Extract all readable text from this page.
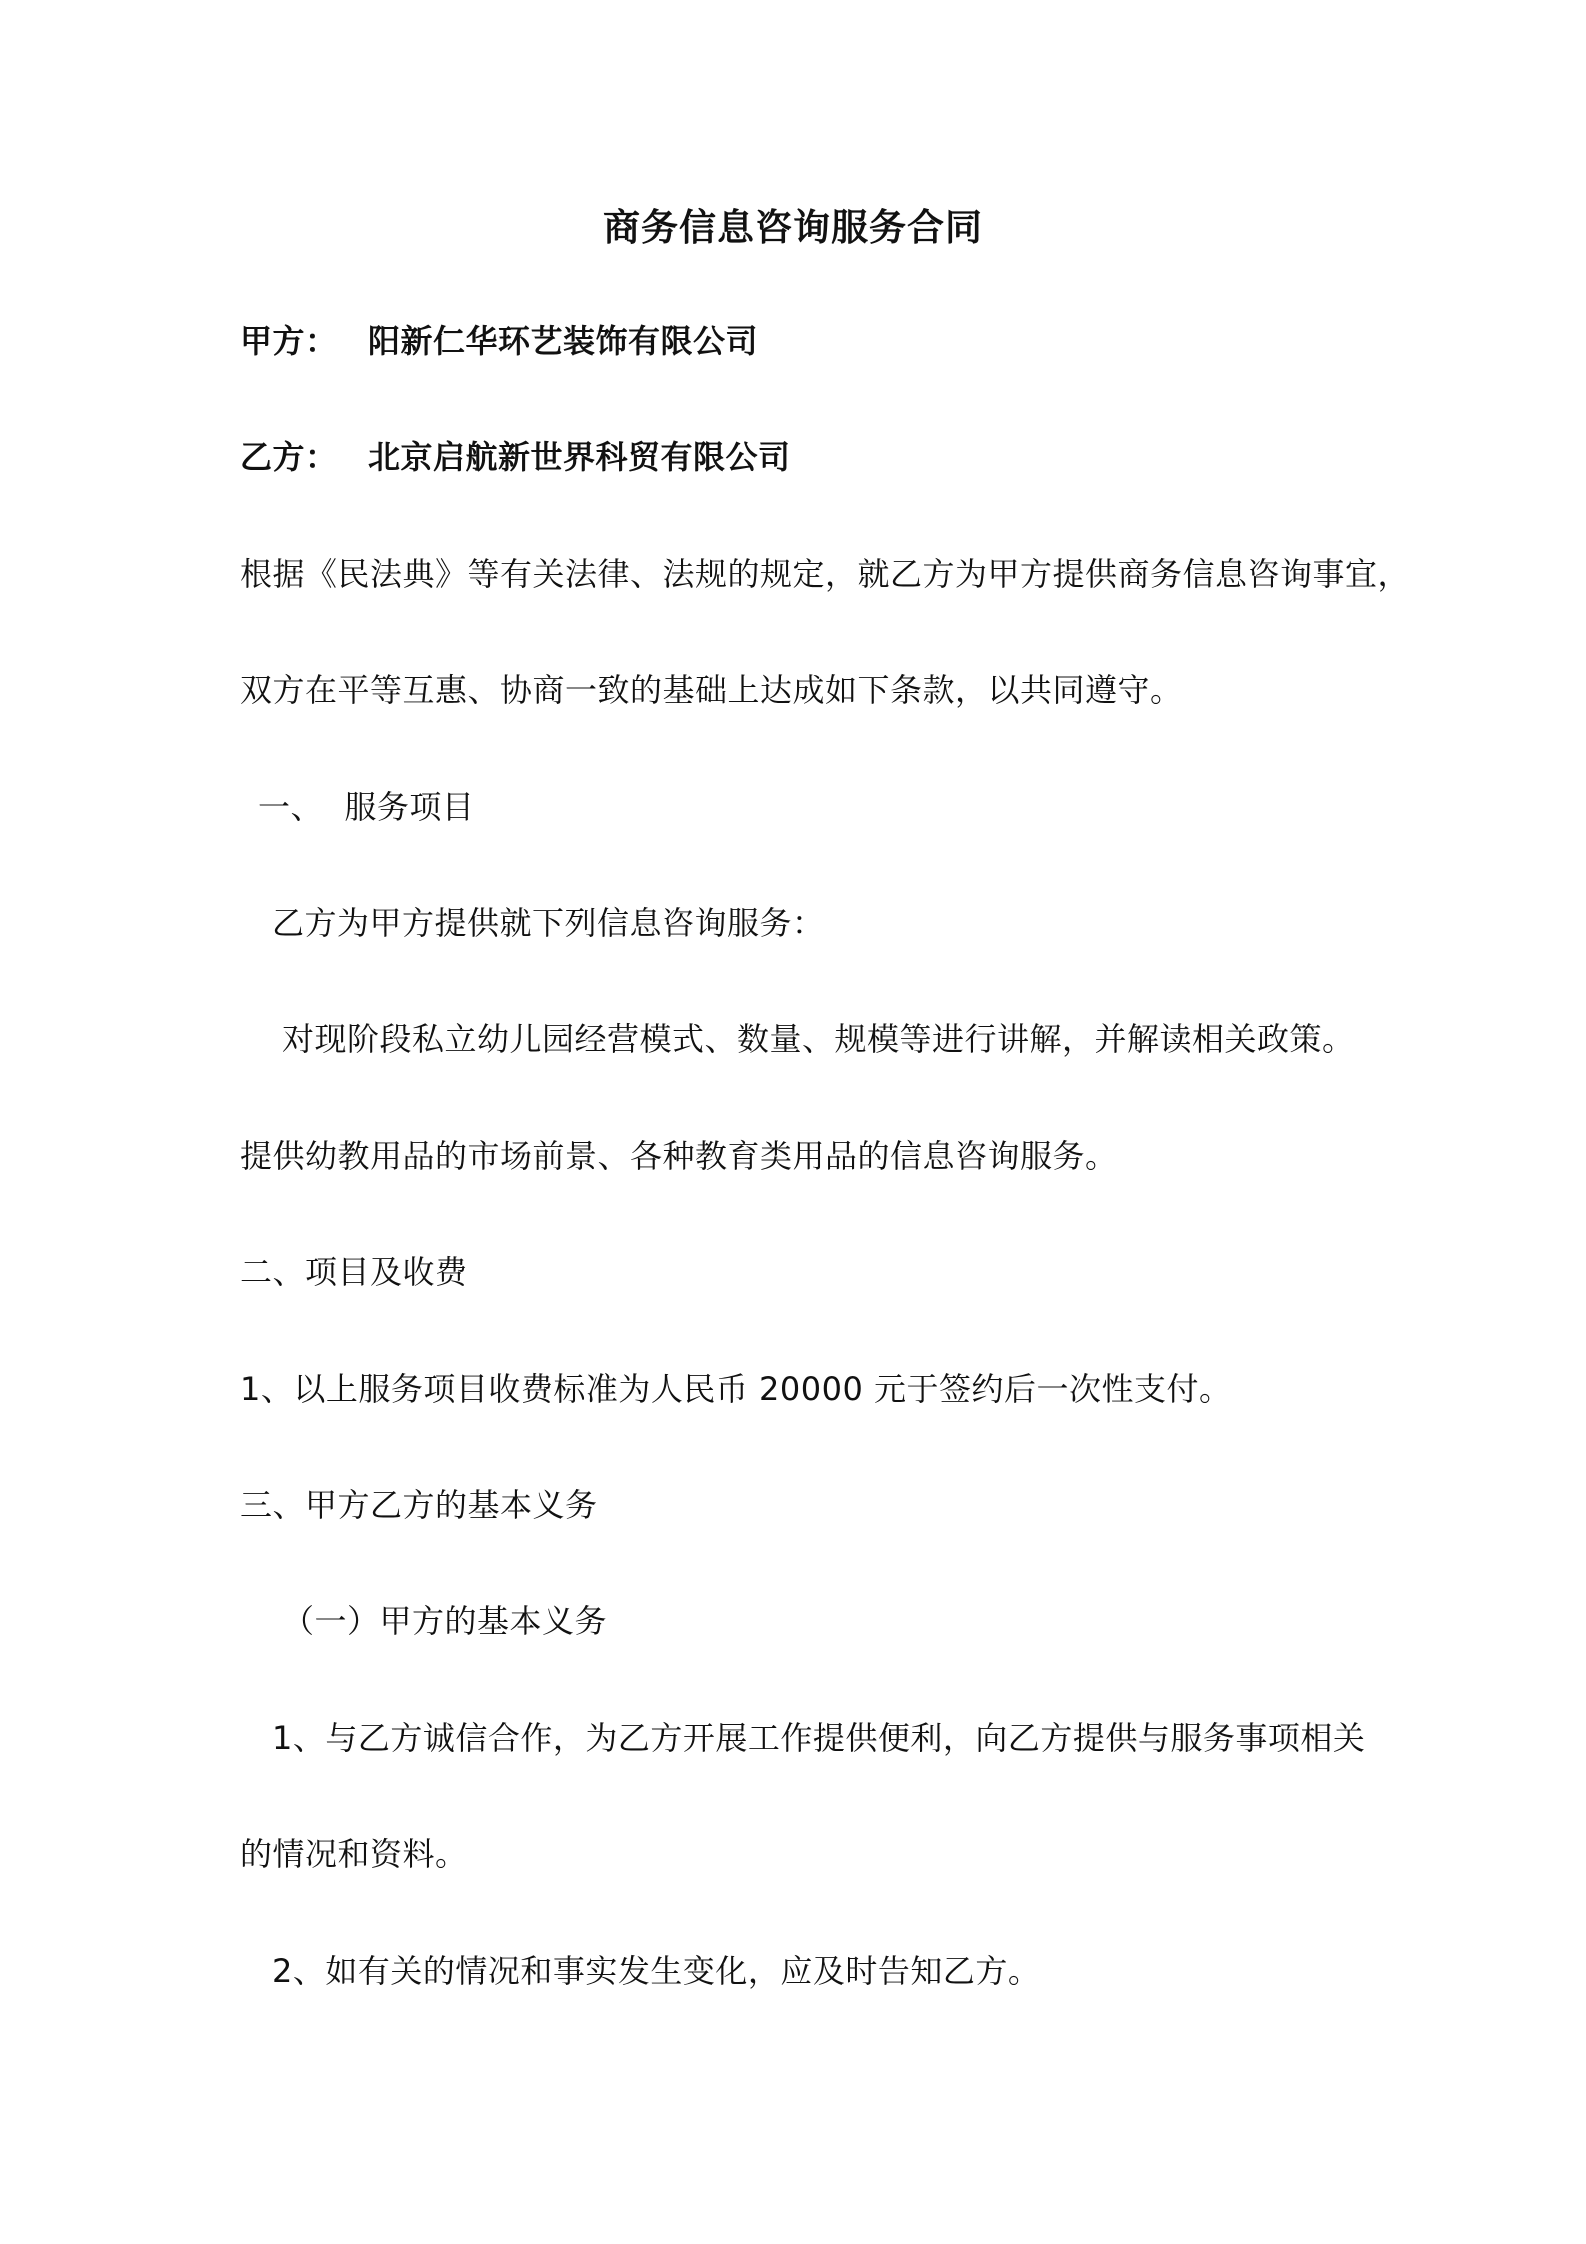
商务信息咨询服务合同
甲方： 阳新仁华环艺装饰有限公司
乙方： 北京启航新世界科贸有限公司
根据《民法典》等有关法律、法规的规定，就乙方为甲方提供商务信息咨询事宜，
双方在平等互惠、协商一致的基础上达成如下条款，以共同遵守。
一、  服务项目
乙方为甲方提供就下列信息咨询服务：
对现阶段私立幼儿园经营模式、数量、规模等进行讲解，并解读相关政策。
提供幼教用品的市场前景、各种教育类用品的信息咨询服务。
二、项目及收费
1、以上服务项目收费标准为人民币 20000 元于签约后一次性支付。
三、甲方乙方的基本义务
（一）甲方的基本义务
1、与乙方诚信合作，为乙方开展工作提供便利，向乙方提供与服务事项相关
的情况和资料。
2、如有关的情况和事实发生变化，应及时告知乙方。
